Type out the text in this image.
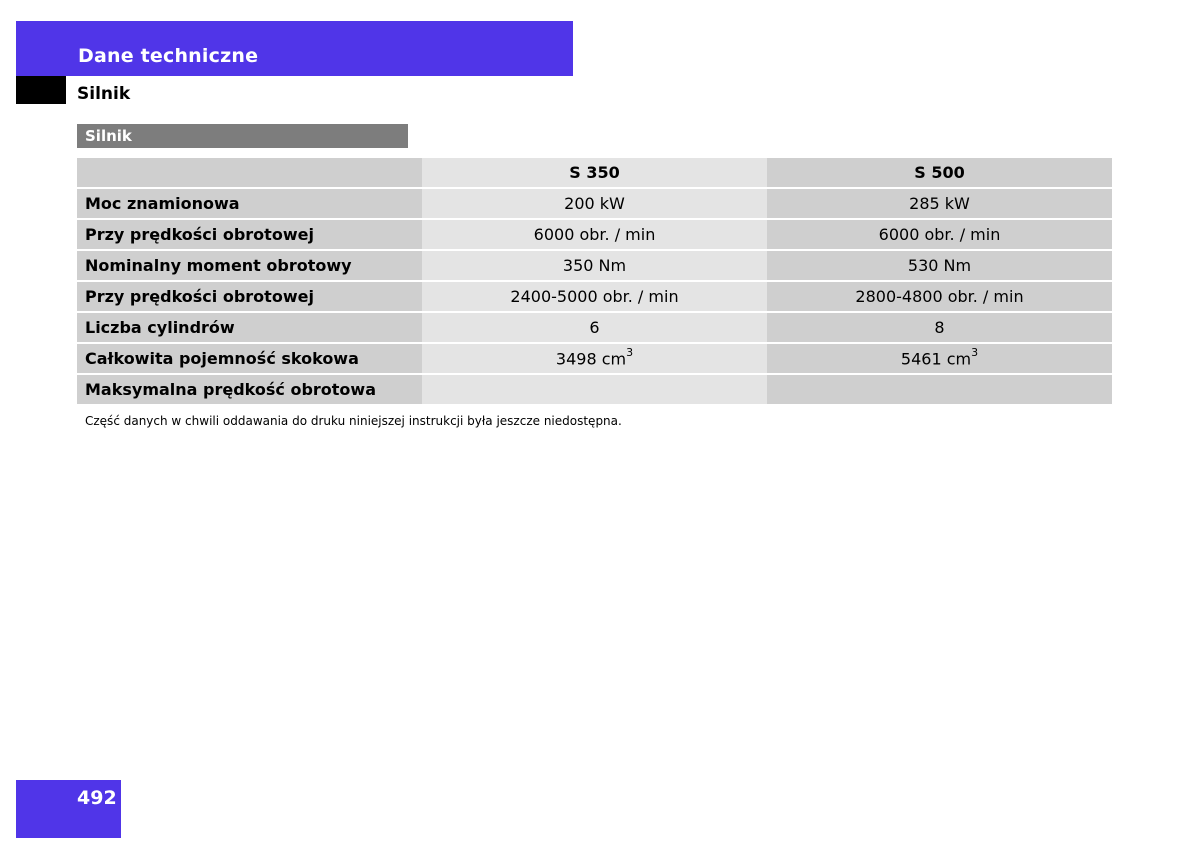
Dane techniczne
Silnik
Silnik
	S 350	S 500
Moc znamionowa	200 kW	285 kW
Przy prędkości obrotowej	6000 obr. / min	6000 obr. / min
Nominalny moment obrotowy	350 Nm	530 Nm
Przy prędkości obrotowej	2400-5000 obr. / min	2800-4800 obr. / min
Liczba cylindrów	6	8
Całkowita pojemność skokowa	3498 $cm^3$	5461 $cm^3$
Maksymalna prędkość obrotowa		
Część danych w chwili oddawania do druku niniejszej instrukcji była jeszcze niedostępna.
492
